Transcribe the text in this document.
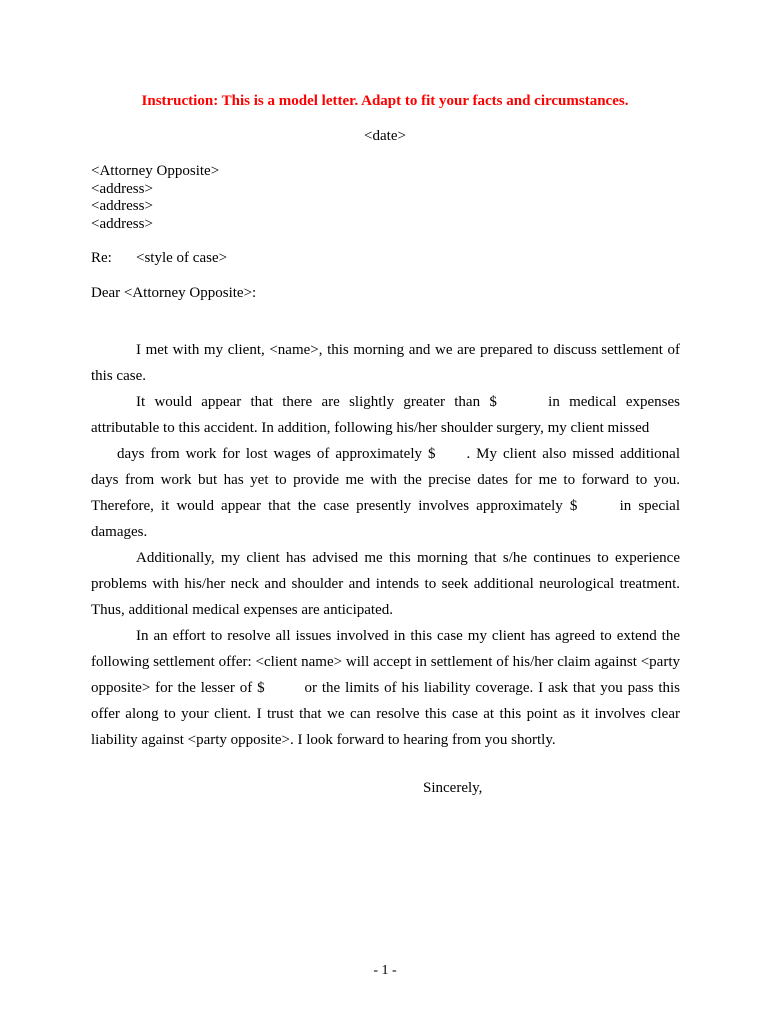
Instruction: This is a model letter. Adapt to fit your facts and circumstances.
<date>
<Attorney Opposite>
<address>
<address>
<address>
Re: <style of case>
Dear <Attorney Opposite>:

I met with my client, <name>, this morning and we are prepared to discuss settlement of this case.

It would appear that there are slightly greater than $	in medical expenses attributable to this accident. In addition, following his/her shoulder surgery, my client missed
days from work for lost wages of approximately $ . My client also missed additional days from work but has yet to provide me with the precise dates for me to forward to you. Therefore, it would appear that the case presently involves approximately $	in special damages.

Additionally, my client has advised me this morning that s/he continues to experience problems with his/her neck and shoulder and intends to seek additional neurological treatment. Thus, additional medical expenses are anticipated.

In an effort to resolve all issues involved in this case my client has agreed to extend the following settlement offer: <client name> will accept in settlement of his/her claim against <party opposite> for the lesser of $	or the limits of his liability coverage. I ask that you pass this offer along to your client. I trust that we can resolve this case at this point as it involves clear liability against <party opposite>. I look forward to hearing from you shortly.

Sincerely,
- 1 -
